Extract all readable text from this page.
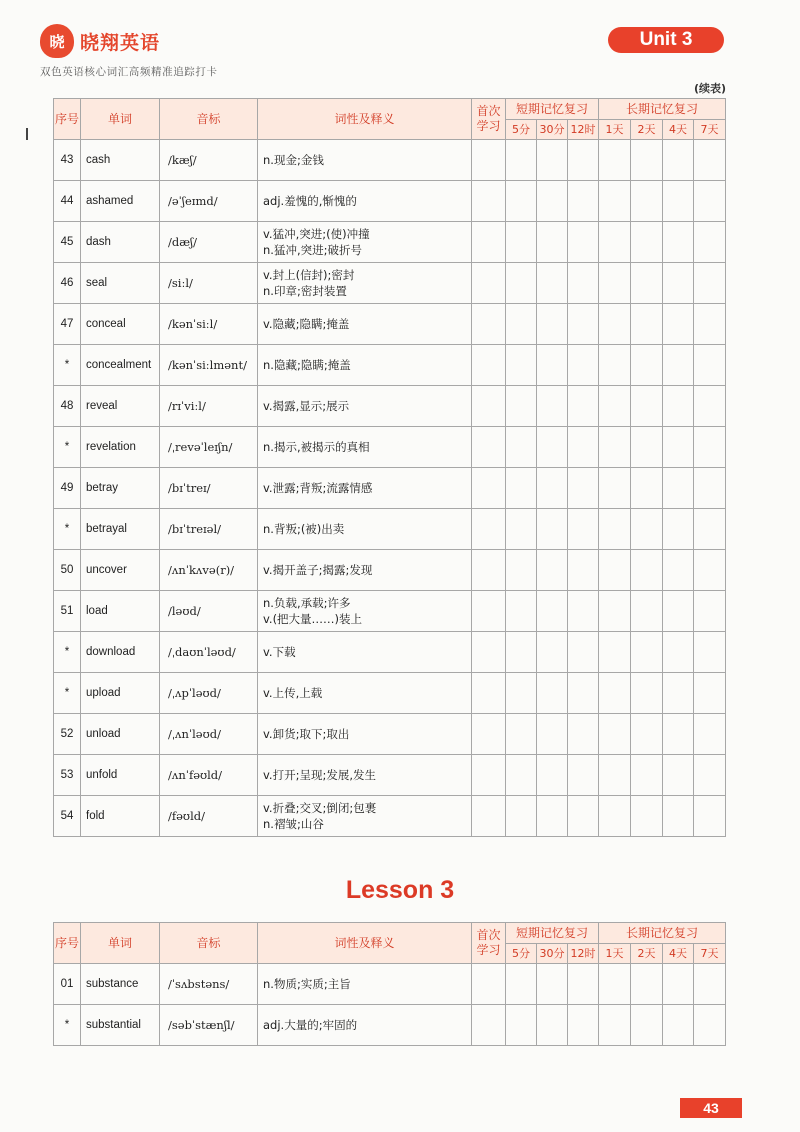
晓 晓翔英语
双色英语核心词汇高频精准追踪打卡
Unit 3
(续表)
序号	单词	音标	词性及释义	首次学习	短期记忆复习			长期记忆复习			
					5分	30分	12时	1天	2天	4天	7天
43	cash	/kæʃ/	n.现金;金钱								

44	ashamed	/əˈʃeɪmd/	adj.羞愧的,惭愧的								

45	dash	/dæʃ/	v.猛冲,突进;(使)冲撞
n.猛冲,突进;破折号								

46	seal	/siːl/	v.封上(信封);密封
n.印章;密封装置								

47	conceal	/kənˈsiːl/	v.隐藏;隐瞒;掩盖								

*	concealment	/kənˈsiːlmənt/	n.隐藏;隐瞒;掩盖								

48	reveal	/rɪˈviːl/	v.揭露,显示;展示								

*	revelation	/ˌrevəˈleɪʃn/	n.揭示,被揭示的真相								

49	betray	/bɪˈtreɪ/	v.泄露;背叛;流露情感								

*	betrayal	/bɪˈtreɪəl/	n.背叛;(被)出卖								

50	uncover	/ʌnˈkʌvə(r)/	v.揭开盖子;揭露;发现								

51	load	/ləʊd/	n.负载,承载;许多
v.(把大量……)装上								

*	download	/ˌdaʊnˈləʊd/	v.下载								

*	upload	/ˌʌpˈləʊd/	v.上传,上载								

52	unload	/ˌʌnˈləʊd/	v.卸货;取下;取出								

53	unfold	/ʌnˈfəʊld/	v.打开;呈现;发展,发生								

54	fold	/fəʊld/	v.折叠;交叉;倒闭;包裹
n.褶皱;山谷								

Lesson 3
序号	单词	音标	词性及释义	首次学习	短期记忆复习			长期记忆复习			
					5分	30分	12时	1天	2天	4天	7天
01	substance	/ˈsʌbstəns/	n.物质;实质;主旨								

*	substantial	/səbˈstænʃl/	adj.大量的;牢固的								

43
